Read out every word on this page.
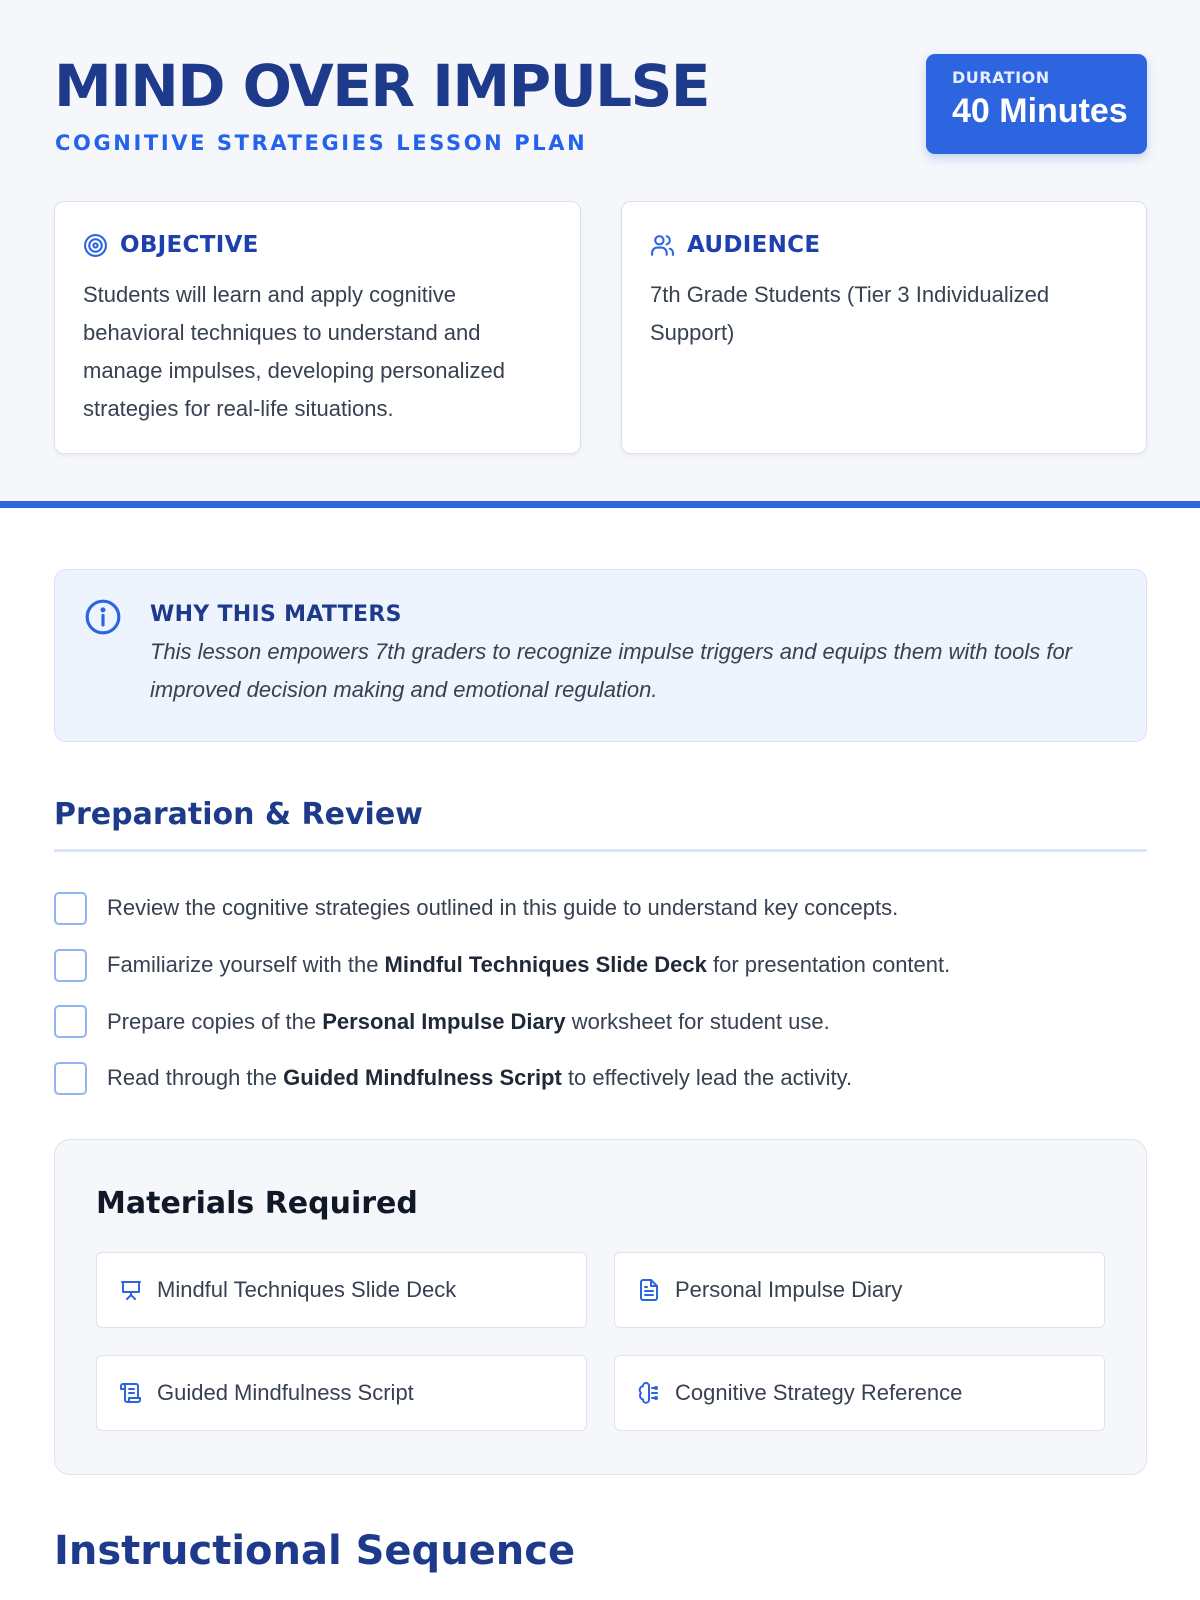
MIND OVER IMPULSE
COGNITIVE STRATEGIES LESSON PLAN
DURATION
40 Minutes
OBJECTIVE

Students will learn and apply cognitive behavioral techniques to understand and manage impulses, developing personalized strategies for real-life situations.

AUDIENCE

7th Grade Students (Tier 3 Individualized Support)

WHY THIS MATTERS

This lesson empowers 7th graders to recognize impulse triggers and equips them with tools for improved decision making and emotional regulation.

Preparation & Review
Review the cognitive strategies outlined in this guide to understand key concepts.
Familiarize yourself with the Mindful Techniques Slide Deck for presentation content.
Prepare copies of the Personal Impulse Diary worksheet for student use.
Read through the Guided Mindfulness Script to effectively lead the activity.
Materials Required
Mindful Techniques Slide Deck	Personal Impulse Diary
Guided Mindfulness Script	Cognitive Strategy Reference
Instructional Sequence
